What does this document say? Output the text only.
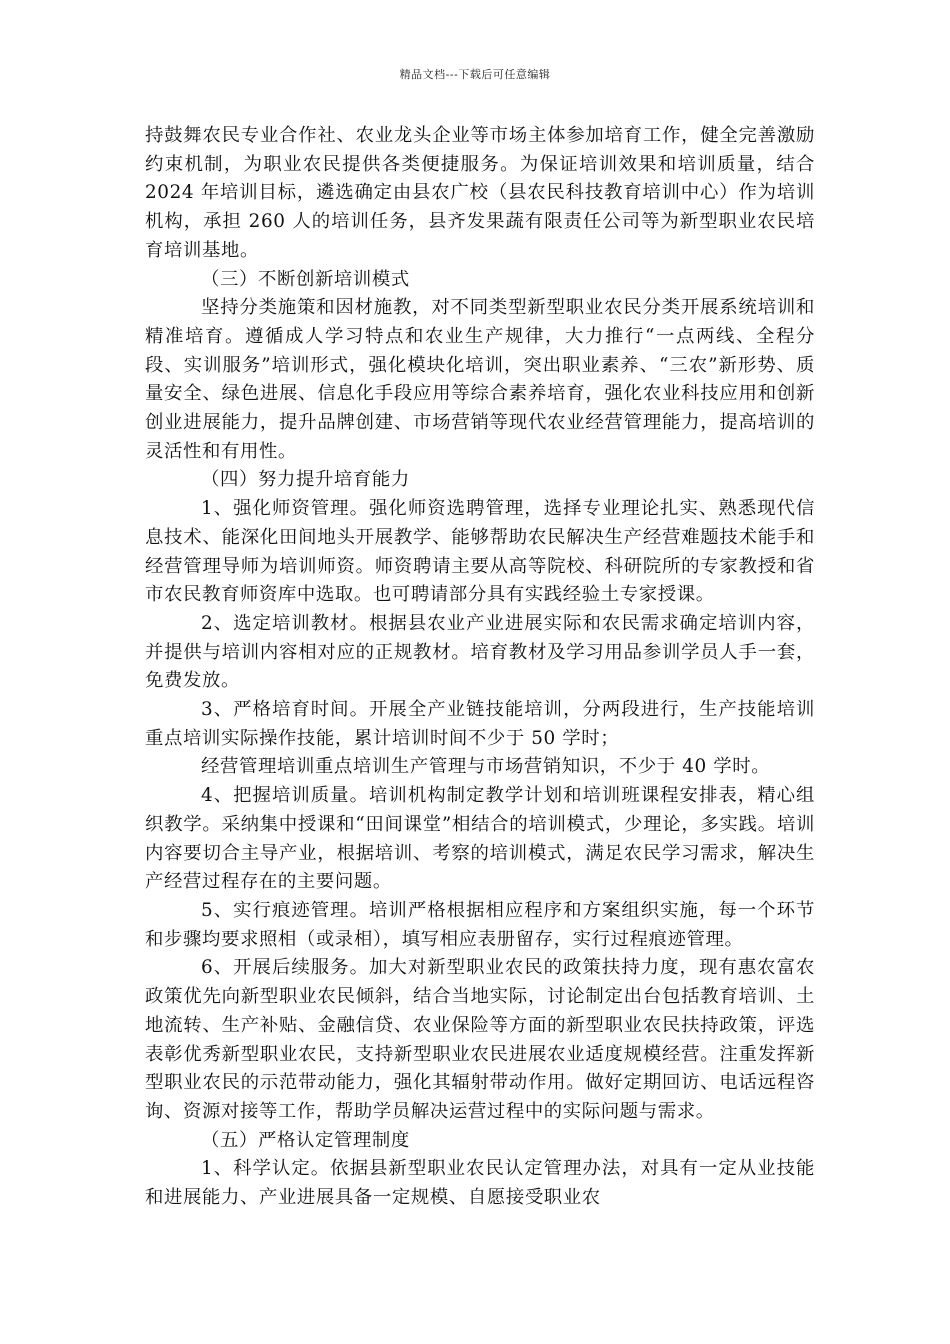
精品文档---下载后可任意编辑

持鼓舞农民专业合作社、农业龙头企业等市场主体参加培育工作，健全完善激励约束机制，为职业农民提供各类便捷服务。为保证培训效果和培训质量，结合 2024 年培训目标，遴选确定由县农广校（县农民科技教育培训中心）作为培训机构，承担 260 人的培训任务，县齐发果蔬有限责任公司等为新型职业农民培育培训基地。

（三）不断创新培训模式

坚持分类施策和因材施教，对不同类型新型职业农民分类开展系统培训和精准培育。遵循成人学习特点和农业生产规律，大力推行“一点两线、全程分段、实训服务”培训形式，强化模块化培训，突出职业素养、“三农”新形势、质量安全、绿色进展、信息化手段应用等综合素养培育，强化农业科技应用和创新创业进展能力，提升品牌创建、市场营销等现代农业经营管理能力，提高培训的灵活性和有用性。

（四）努力提升培育能力

1、强化师资管理。强化师资选聘管理，选择专业理论扎实、熟悉现代信息技术、能深化田间地头开展教学、能够帮助农民解决生产经营难题技术能手和经营管理导师为培训师资。师资聘请主要从高等院校、科研院所的专家教授和省市农民教育师资库中选取。也可聘请部分具有实践经验土专家授课。

2、选定培训教材。根据县农业产业进展实际和农民需求确定培训内容，并提供与培训内容相对应的正规教材。培育教材及学习用品参训学员人手一套，免费发放。

3、严格培育时间。开展全产业链技能培训，分两段进行，生产技能培训重点培训实际操作技能，累计培训时间不少于 50 学时；

经营管理培训重点培训生产管理与市场营销知识，不少于 40 学时。

4、把握培训质量。培训机构制定教学计划和培训班课程安排表，精心组织教学。采纳集中授课和“田间课堂”相结合的培训模式，少理论，多实践。培训内容要切合主导产业，根据培训、考察的培训模式，满足农民学习需求，解决生产经营过程存在的主要问题。

5、实行痕迹管理。培训严格根据相应程序和方案组织实施，每一个环节和步骤均要求照相（或录相），填写相应表册留存，实行过程痕迹管理。

6、开展后续服务。加大对新型职业农民的政策扶持力度，现有惠农富农政策优先向新型职业农民倾斜，结合当地实际，讨论制定出台包括教育培训、土地流转、生产补贴、金融信贷、农业保险等方面的新型职业农民扶持政策，评选表彰优秀新型职业农民，支持新型职业农民进展农业适度规模经营。注重发挥新型职业农民的示范带动能力，强化其辐射带动作用。做好定期回访、电话远程咨询、资源对接等工作，帮助学员解决运营过程中的实际问题与需求。

（五）严格认定管理制度

1、科学认定。依据县新型职业农民认定管理办法，对具有一定从业技能和进展能力、产业进展具备一定规模、自愿接受职业农
